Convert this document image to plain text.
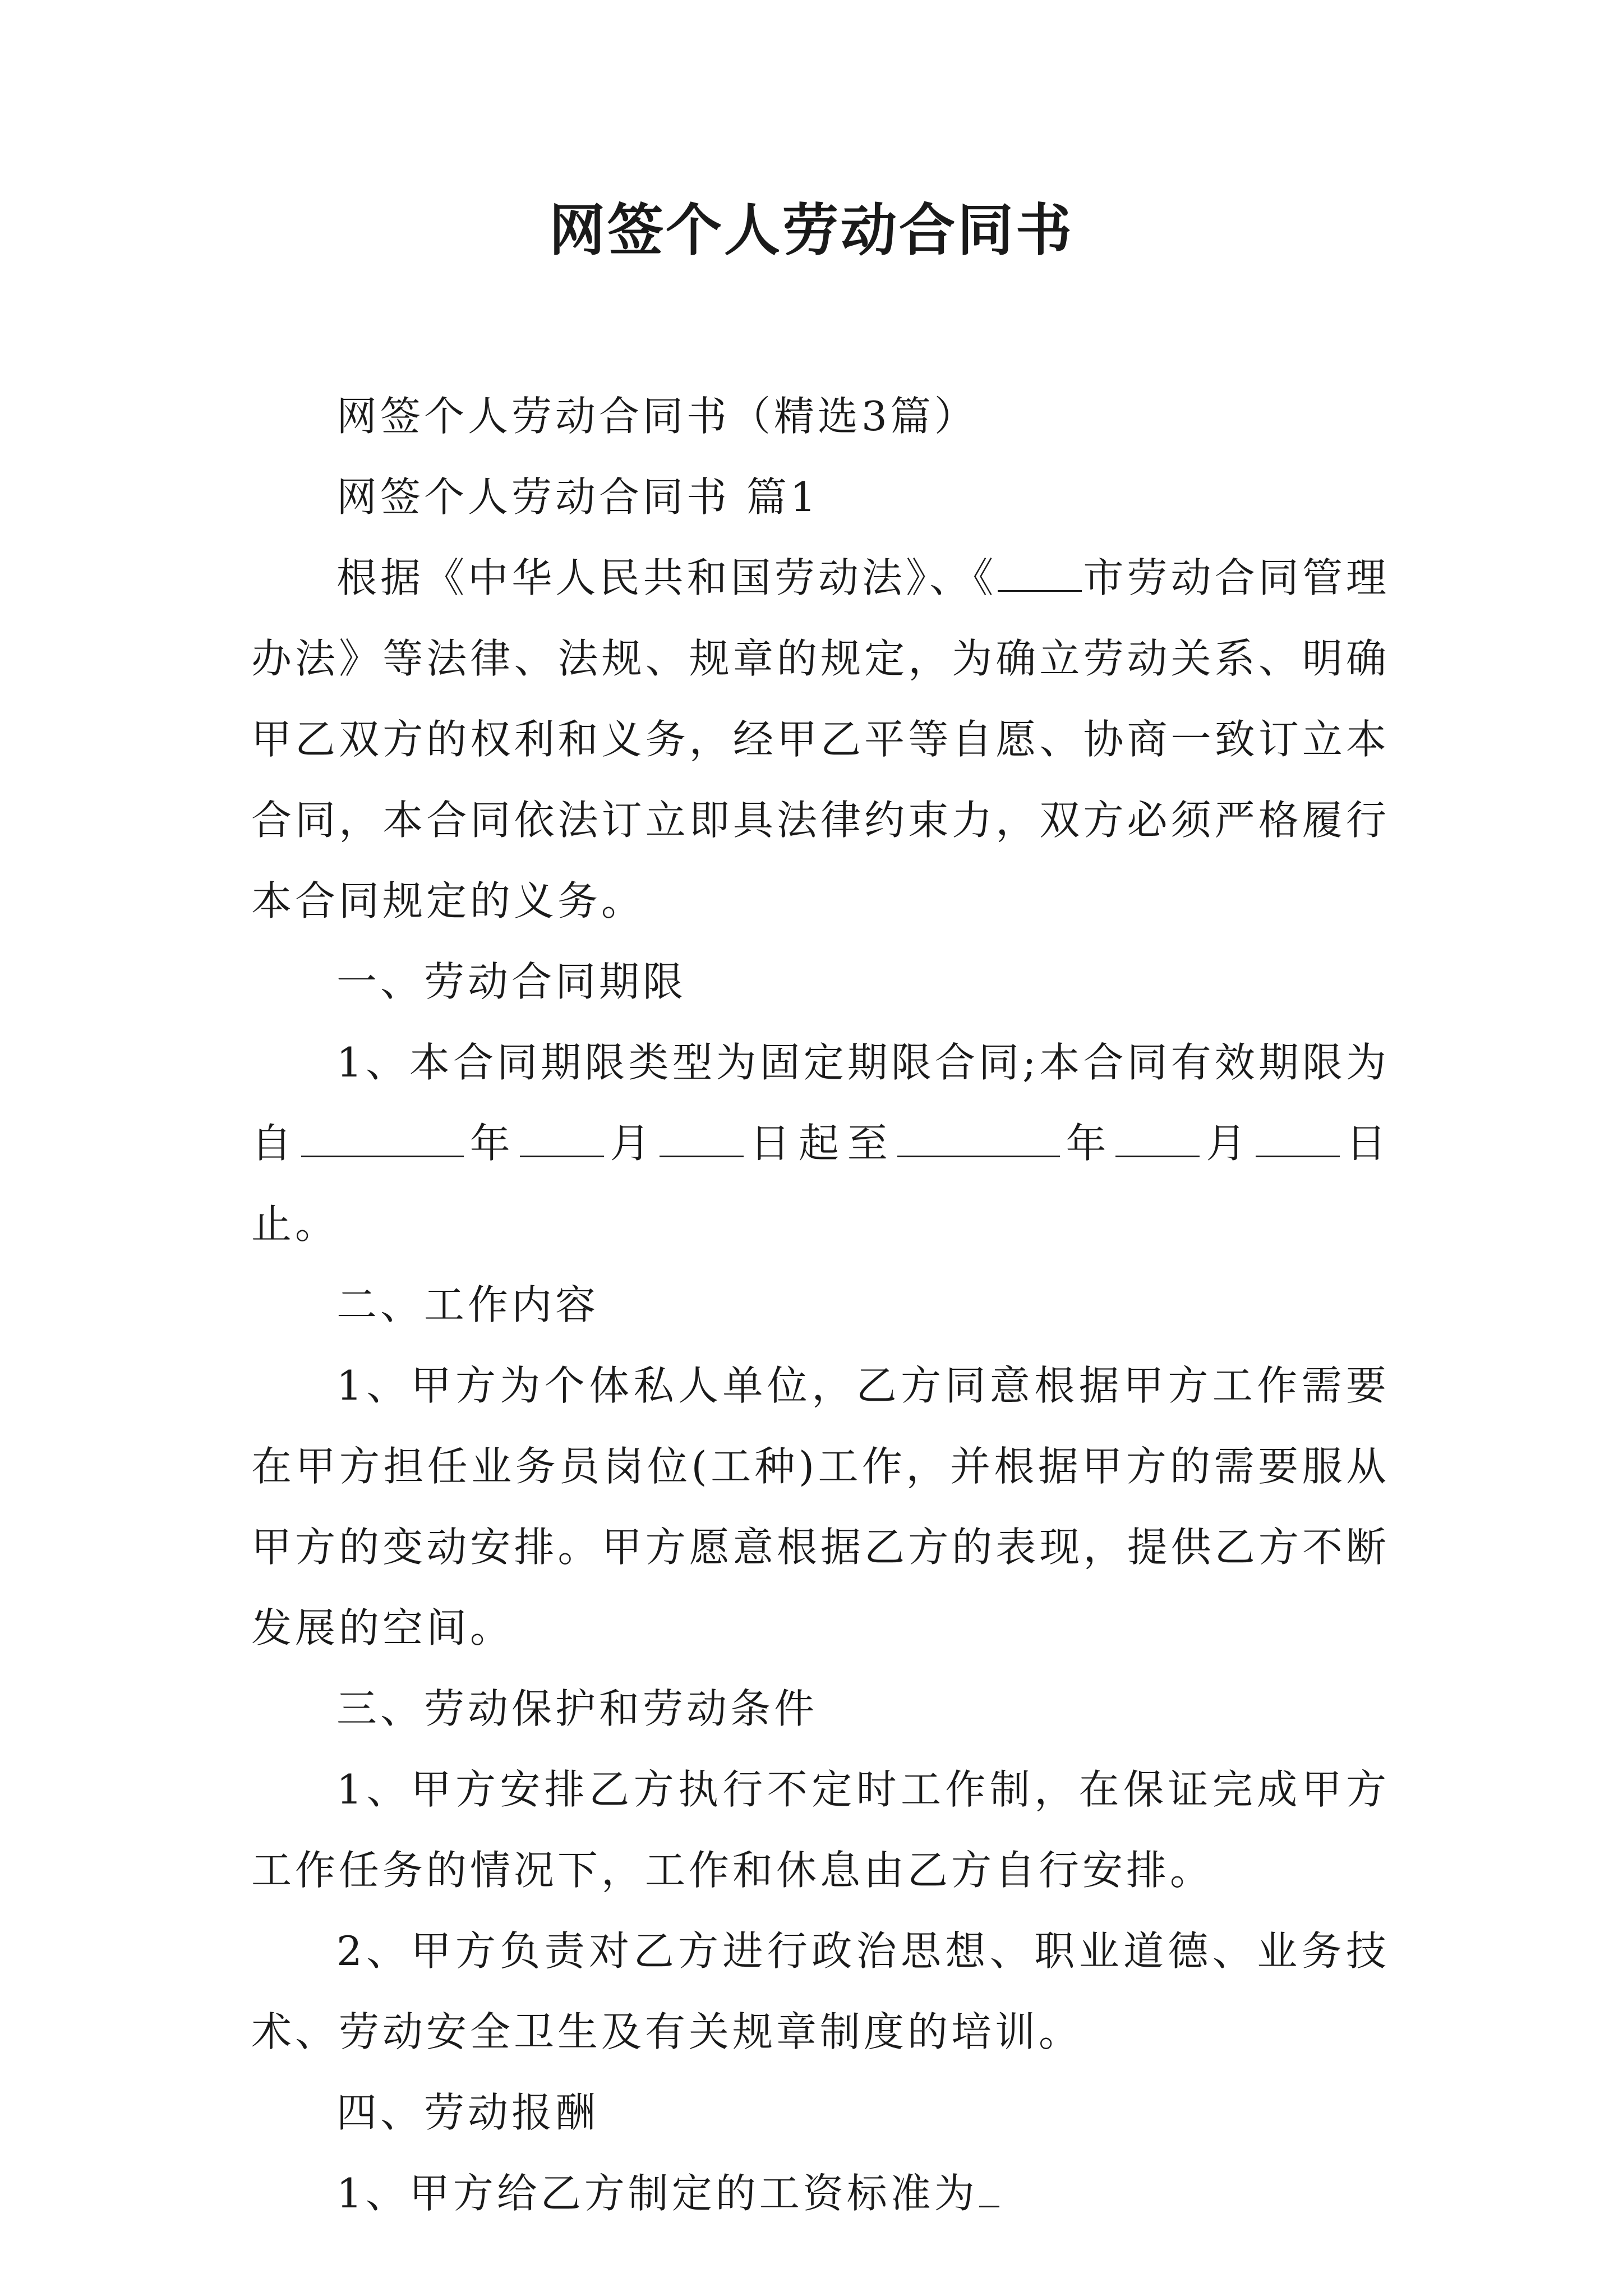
网签个人劳动合同书

网签个人劳动合同书（精选3篇）

网签个人劳动合同书 篇1

根据《中华人民共和国劳动法》、《 市劳动合同管理办法》等法律、法规、规章的规定，为确立劳动关系、明确甲乙双方的权利和义务，经甲乙平等自愿、协商一致订立本合同，本合同依法订立即具法律约束力，双方必须严格履行本合同规定的义务。

一、劳动合同期限

1、本合同期限类型为固定期限合同;本合同有效期限为自	年 月 日起至	年 月 日止。

二、工作内容

1、甲方为个体私人单位，乙方同意根据甲方工作需要在甲方担任业务员岗位(工种)工作，并根据甲方的需要服从甲方的变动安排。甲方愿意根据乙方的表现，提供乙方不断发展的空间。

三、劳动保护和劳动条件

1、甲方安排乙方执行不定时工作制，在保证完成甲方工作任务的情况下，工作和休息由乙方自行安排。

2、甲方负责对乙方进行政治思想、职业道德、业务技术、劳动安全卫生及有关规章制度的培训。

四、劳动报酬

1、甲方给乙方制定的工资标准为
